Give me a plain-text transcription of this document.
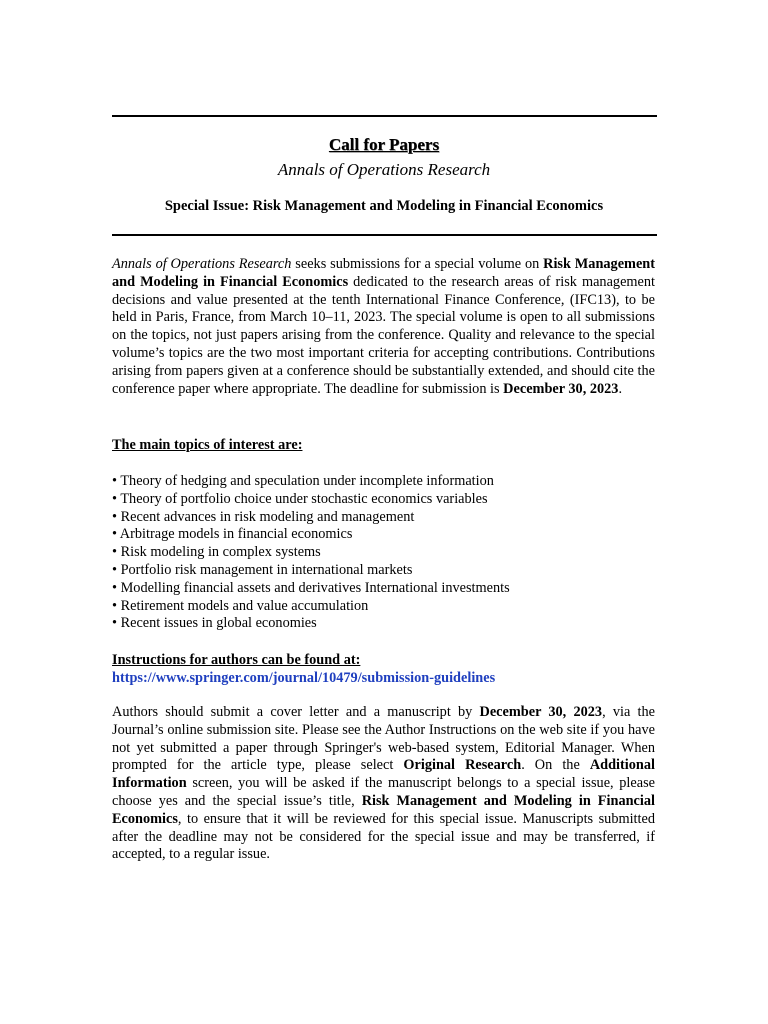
Call for Papers
Annals of Operations Research
Special Issue: Risk Management and Modeling in Financial Economics
Annals of Operations Research seeks submissions for a special volume on Risk Management and Modeling in Financial Economics dedicated to the research areas of risk management decisions and value presented at the tenth International Finance Conference, (IFC13), to be held in Paris, France, from March 10–11, 2023. The special volume is open to all submissions on the topics, not just papers arising from the conference. Quality and relevance to the special volume’s topics are the two most important criteria for accepting contributions. Contributions arising from papers given at a conference should be substantially extended, and should cite the conference paper where appropriate. The deadline for submission is December 30, 2023.
The main topics of interest are:
• Theory of hedging and speculation under incomplete information
• Theory of portfolio choice under stochastic economics variables
• Recent advances in risk modeling and management
• Arbitrage models in financial economics
• Risk modeling in complex systems
• Portfolio risk management in international markets
• Modelling financial assets and derivatives International investments
• Retirement models and value accumulation
• Recent issues in global economies
Instructions for authors can be found at:
https://www.springer.com/journal/10479/submission-guidelines
Authors should submit a cover letter and a manuscript by December 30, 2023, via the Journal’s online submission site. Please see the Author Instructions on the web site if you have not yet submitted a paper through Springer's web-based system, Editorial Manager. When prompted for the article type, please select Original Research. On the Additional Information screen, you will be asked if the manuscript belongs to a special issue, please choose yes and the special issue’s title, Risk Management and Modeling in Financial Economics, to ensure that it will be reviewed for this special issue. Manuscripts submitted after the deadline may not be considered for the special issue and may be transferred, if accepted, to a regular issue.
